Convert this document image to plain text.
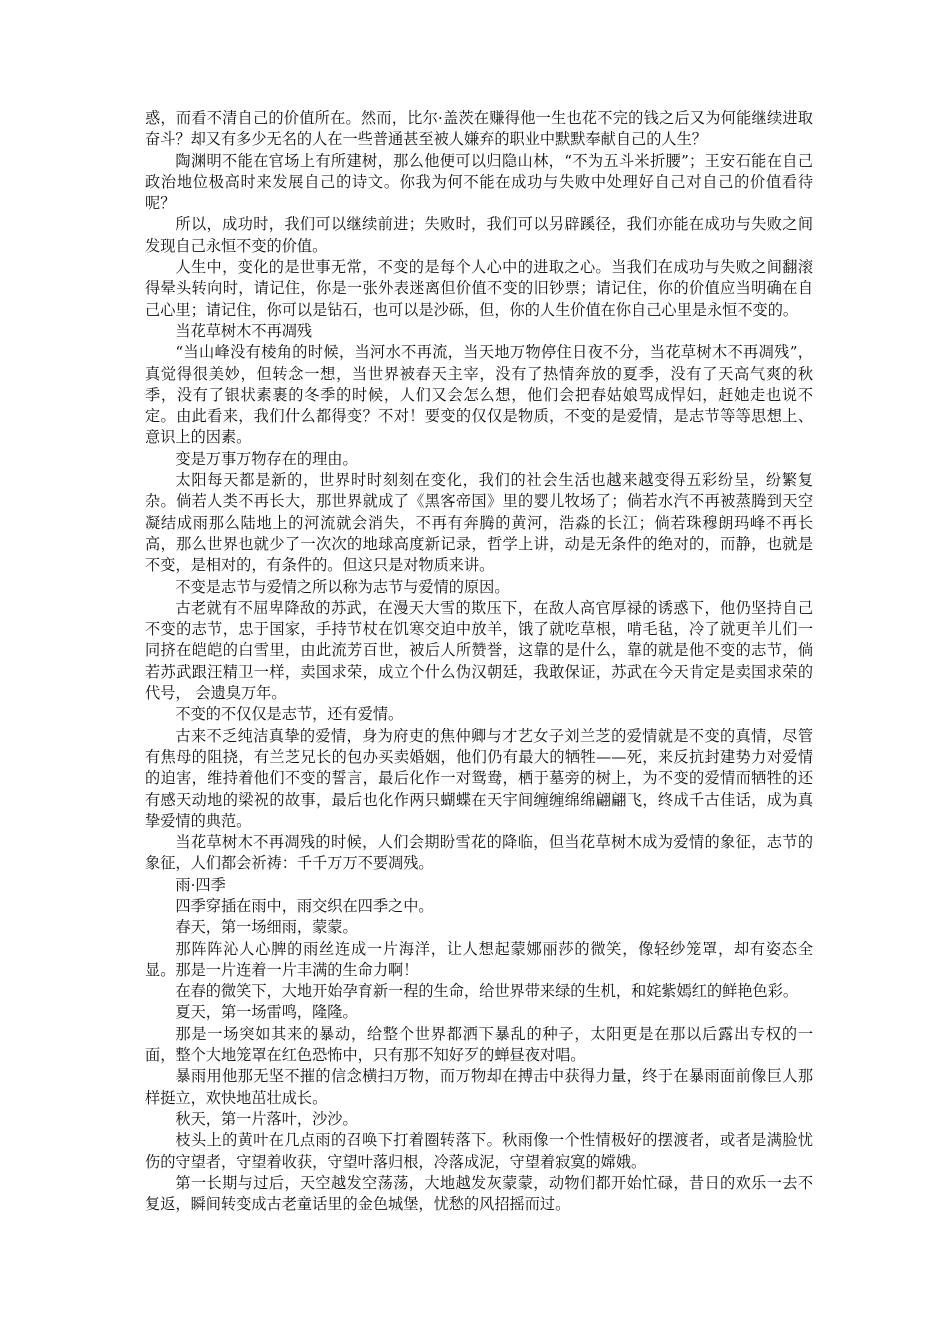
惑，而看不清自己的价值所在。然而，比尔·盖茨在赚得他一生也花不完的钱之后又为何能继续进取奋斗？却又有多少无名的人在一些普通甚至被人嫌弃的职业中默默奉献自己的人生？

陶渊明不能在官场上有所建树，那么他便可以归隐山林，“不为五斗米折腰”；王安石能在自己政治地位极高时来发展自己的诗文。你我为何不能在成功与失败中处理好自己对自己的价值看待呢？

所以，成功时，我们可以继续前进；失败时，我们可以另辟蹊径，我们亦能在成功与失败之间发现自己永恒不变的价值。

人生中，变化的是世事无常，不变的是每个人心中的进取之心。当我们在成功与失败之间翻滚得晕头转向时，请记住，你是一张外表迷离但价值不变的旧钞票；请记住，你的价值应当明确在自己心里；请记住，你可以是钻石，也可以是沙砾，但，你的人生价值在你自己心里是永恒不变的。

当花草树木不再凋残

“当山峰没有棱角的时候，当河水不再流，当天地万物停住日夜不分，当花草树木不再凋残”，真觉得很美妙，但转念一想，当世界被春天主宰，没有了热情奔放的夏季，没有了天高气爽的秋季，没有了银状素裹的冬季的时候，人们又会怎么想，他们会把春姑娘骂成悍妇，赶她走也说不定。由此看来，我们什么都得变？不对！要变的仅仅是物质，不变的是爱情，是志节等等思想上、意识上的因素。

变是万事万物存在的理由。

太阳每天都是新的，世界时时刻刻在变化，我们的社会生活也越来越变得五彩纷呈，纷繁复杂。倘若人类不再长大，那世界就成了《黑客帝国》里的婴儿牧场了；倘若水汽不再被蒸腾到天空凝结成雨那么陆地上的河流就会消失，不再有奔腾的黄河，浩淼的长江；倘若珠穆朗玛峰不再长高，那么世界也就少了一次次的地球高度新记录，哲学上讲，动是无条件的绝对的，而静，也就是不变，是相对的，有条件的。但这只是对物质来讲。

不变是志节与爱情之所以称为志节与爱情的原因。

古老就有不屈卑降敌的苏武，在漫天大雪的欺压下，在敌人高官厚禄的诱惑下，他仍坚持自己不变的志节，忠于国家，手持节杖在饥寒交迫中放羊，饿了就吃草根，啃毛毡，冷了就更羊儿们一同挤在皑皑的白雪里，由此流芳百世，被后人所赞誉，这靠的是什么，靠的就是他不变的志节，倘若苏武跟汪精卫一样，卖国求荣，成立个什么伪汉朝廷，我敢保证，苏武在今天肯定是卖国求荣的代号， 会遗臭万年。

不变的不仅仅是志节，还有爱情。

古来不乏纯洁真挚的爱情，身为府吏的焦仲卿与才艺女子刘兰芝的爱情就是不变的真情，尽管有焦母的阻挠，有兰芝兄长的包办买卖婚姻，他们仍有最大的牺牲——死，来反抗封建势力对爱情的迫害，维持着他们不变的誓言，最后化作一对鸳鸯，栖于墓旁的树上，为不变的爱情而牺牲的还有感天动地的梁祝的故事，最后也化作两只蝴蝶在天宇间缠缠绵绵翩翩飞，终成千古佳话，成为真挚爱情的典范。

当花草树木不再凋残的时候，人们会期盼雪花的降临，但当花草树木成为爱情的象征，志节的象征，人们都会祈祷：千千万万不要凋残。

雨·四季

四季穿插在雨中，雨交织在四季之中。

春天，第一场细雨，蒙蒙。

那阵阵沁人心脾的雨丝连成一片海洋，让人想起蒙娜丽莎的微笑，像轻纱笼罩，却有姿态全显。那是一片连着一片丰满的生命力啊！

在春的微笑下，大地开始孕育新一程的生命，给世界带来绿的生机，和姹紫嫣红的鲜艳色彩。

夏天，第一场雷鸣，隆隆。

那是一场突如其来的暴动，给整个世界都洒下暴乱的种子，太阳更是在那以后露出专权的一面，整个大地笼罩在红色恐怖中，只有那不知好歹的蝉昼夜对唱。

暴雨用他那无坚不摧的信念横扫万物，而万物却在搏击中获得力量，终于在暴雨面前像巨人那样挺立，欢快地茁壮成长。

秋天，第一片落叶，沙沙。

枝头上的黄叶在几点雨的召唤下打着圈转落下。秋雨像一个性情极好的摆渡者，或者是满脸忧伤的守望者，守望着收获，守望叶落归根，冷落成泥，守望着寂寞的嫦娥。

第一长期与过后，天空越发空荡荡，大地越发灰蒙蒙，动物们都开始忙碌，昔日的欢乐一去不复返，瞬间转变成古老童话里的金色城堡，忧愁的风招摇而过。
